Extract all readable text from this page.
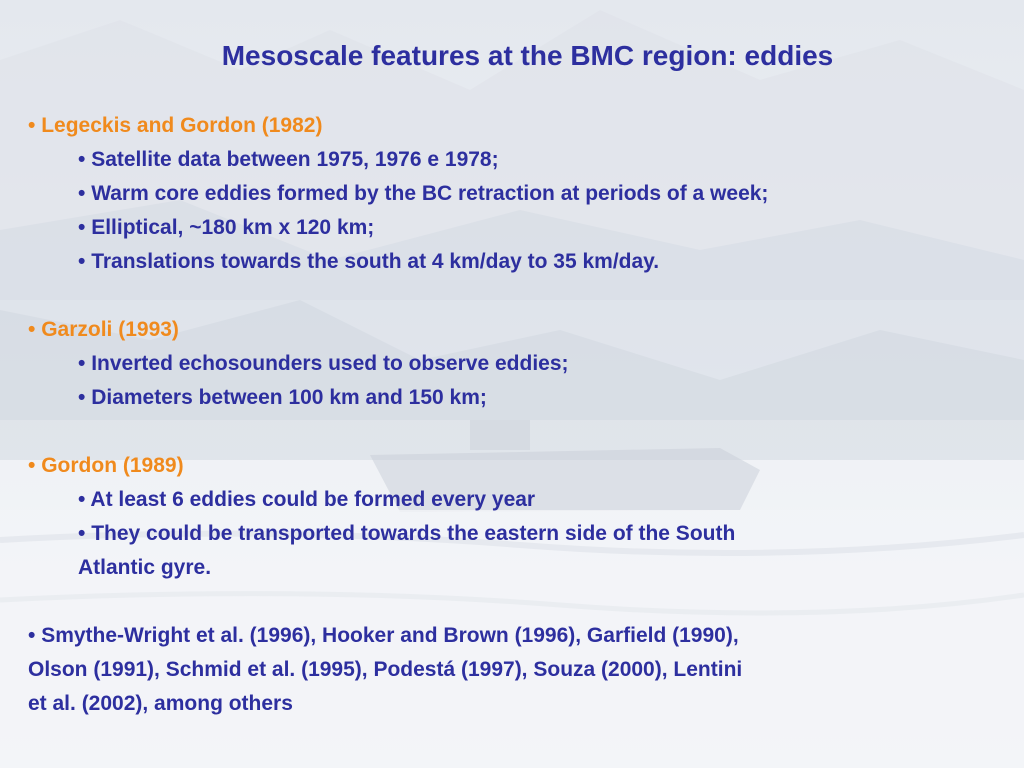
Mesoscale features at the BMC region: eddies
• Legeckis and Gordon (1982)
• Satellite data between 1975, 1976 e 1978;
• Warm core eddies formed by the BC retraction at periods of a week;
• Elliptical, ~180 km x 120 km;
• Translations towards the south at 4 km/day to 35 km/day.
• Garzoli (1993)
• Inverted echosounders used to observe eddies;
• Diameters between 100 km and 150 km;
• Gordon (1989)
• At least 6 eddies could be formed every year
• They could be transported towards the eastern side of the South
Atlantic gyre.
• Smythe-Wright et al. (1996), Hooker and Brown (1996), Garfield (1990),
Olson (1991), Schmid et al. (1995), Podestá (1997), Souza (2000), Lentini
et al. (2002), among others
